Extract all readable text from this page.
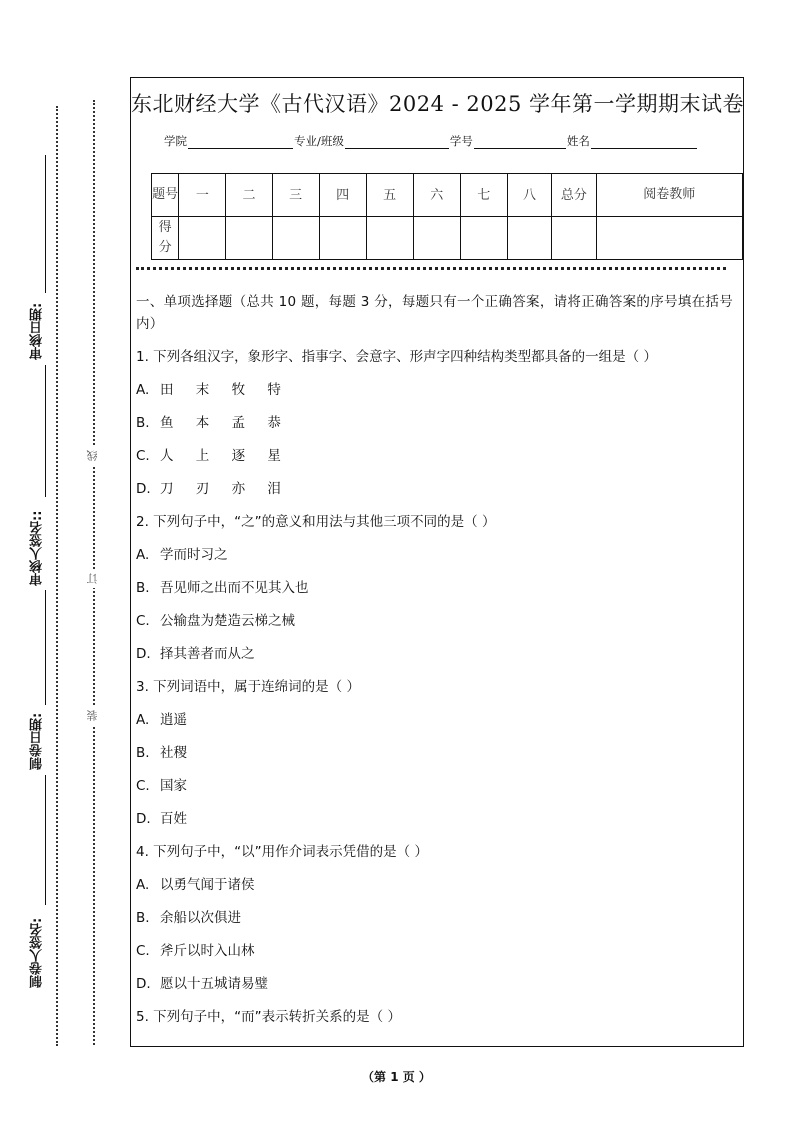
审核日期:
审核人签名::
制卷日期:
制卷人签名:
线
订
装
东北财经大学《古代汉语》2024 - 2025 学年第一学期期末试卷
学院	专业/班级	学号	姓名
题号	一	二	三	四	五	六	七	八	总分	阅卷教师
得分										
一、单项选择题（总共 10 题，每题 3 分，每题只有一个正确答案，请将正确答案的序号填在括号内）
1. 下列各组汉字，象形字、指事字、会意字、形声字四种结构类型都具备的一组是（ ）
A. 田 末 牧 特
B. 鱼 本 孟 恭
C. 人 上 逐 星
D. 刀 刃 亦 泪
2. 下列句子中，“之”的意义和用法与其他三项不同的是（ ）
A. 学而时习之
B. 吾见师之出而不见其入也
C. 公输盘为楚造云梯之械
D. 择其善者而从之
3. 下列词语中，属于连绵词的是（ ）
A. 逍遥
B. 社稷
C. 国家
D. 百姓
4. 下列句子中，“以”用作介词表示凭借的是（ ）
A. 以勇气闻于诸侯
B. 余船以次俱进
C. 斧斤以时入山林
D. 愿以十五城请易璧
5. 下列句子中，“而”表示转折关系的是（ ）
（第 1 页 ）
